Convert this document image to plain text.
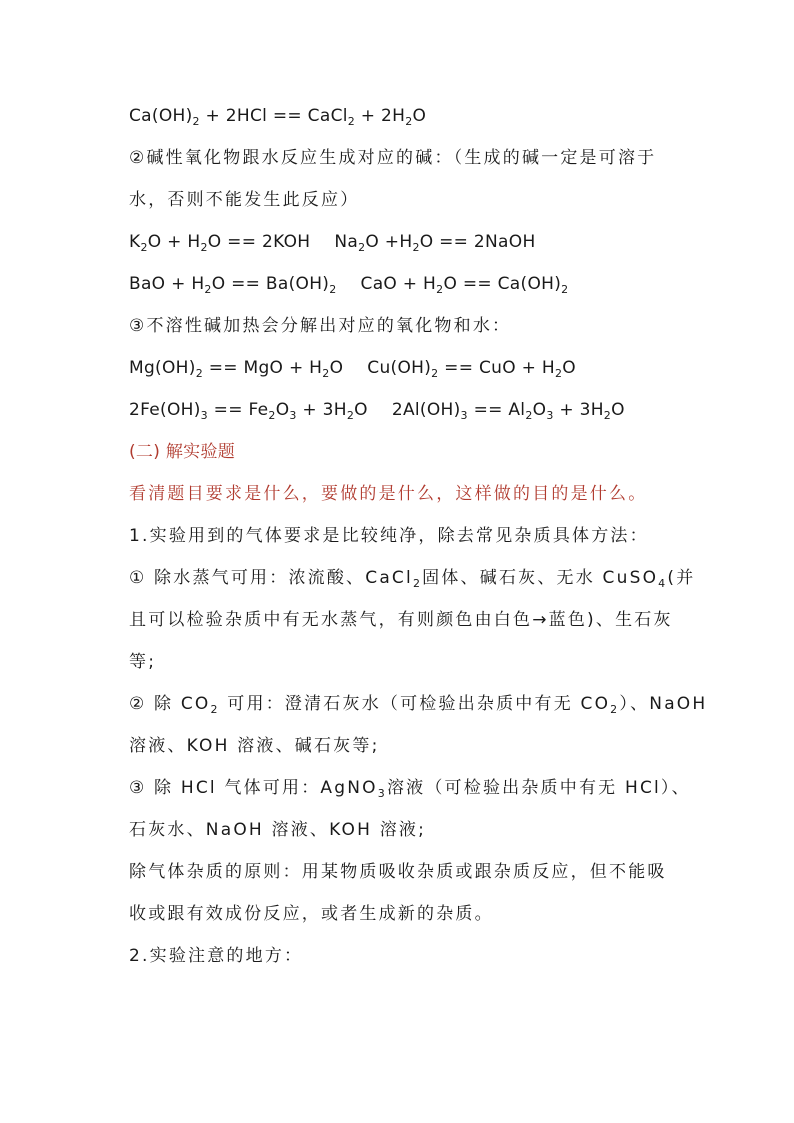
$Ca(OH)_2 + 2HCl$ == CaCl$_2$ + $2H_2O$
②碱性氧化物跟水反应生成对应的碱：（生成的碱一定是可溶于
水，否则不能发生此反应）
$K_2O + H_2O == 2KOH$ $Na_2O +H_2O$ == 2NaOH
BaO + $H_2O == Ba(OH)_2$ CaO + $H_2O == Ca(OH)_2$
③不溶性碱加热会分解出对应的氧化物和水：
$Mg(OH)_2$ == MgO + $H_2O$ $Cu(OH)_2$ == CuO + $H_2O$
$2Fe(OH)_3 == Fe_2O_3 + 3H_2O$ $2Al(OH)_3 == Al_2O_3 + 3H_2O$
(二) 解实验题
看清题目要求是什么，要做的是什么，这样做的目的是什么。
1.实验用到的气体要求是比较纯净，除去常见杂质具体方法：
① 除水蒸气可用：浓流酸、CaCl$_2$固体、碱石灰、无水 CuSO$_4$(并
且可以检验杂质中有无水蒸气，有则颜色由白色→蓝色)、生石灰
等;
② 除 $CO_2$ 可用：澄清石灰水（可检验出杂质中有无 $CO_2$）、NaOH
溶液、KOH 溶液、碱石灰等;
③ 除 HCl 气体可用：AgNO$_3$溶液（可检验出杂质中有无 HCl）、
石灰水、NaOH 溶液、KOH 溶液;
除气体杂质的原则：用某物质吸收杂质或跟杂质反应，但不能吸
收或跟有效成份反应，或者生成新的杂质。
2.实验注意的地方：
